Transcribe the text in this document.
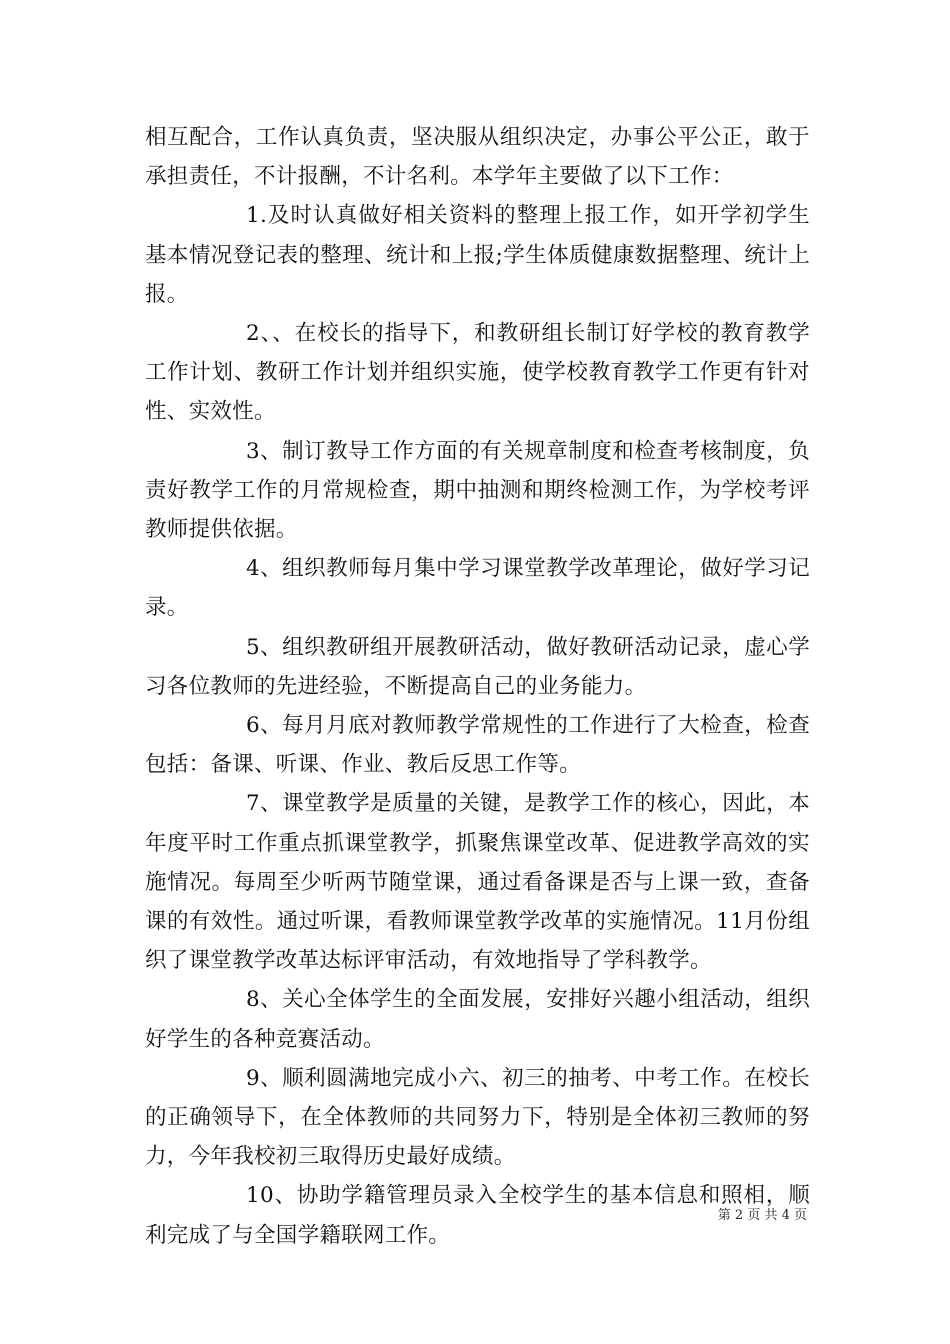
相互配合，工作认真负责，坚决服从组织决定，办事公平公正，敢于承担责任，不计报酬，不计名利。本学年主要做了以下工作：

1.及时认真做好相关资料的整理上报工作，如开学初学生基本情况登记表的整理、统计和上报;学生体质健康数据整理、统计上报。

2、、在校长的指导下，和教研组长制订好学校的教育教学工作计划、教研工作计划并组织实施，使学校教育教学工作更有针对性、实效性。

3、制订教导工作方面的有关规章制度和检查考核制度，负责好教学工作的月常规检查，期中抽测和期终检测工作，为学校考评教师提供依据。

4、组织教师每月集中学习课堂教学改革理论，做好学习记录。

5、组织教研组开展教研活动，做好教研活动记录，虚心学习各位教师的先进经验，不断提高自己的业务能力。

6、每月月底对教师教学常规性的工作进行了大检查，检查包括：备课、听课、作业、教后反思工作等。

7、课堂教学是质量的关键，是教学工作的核心，因此，本年度平时工作重点抓课堂教学，抓聚焦课堂改革、促进教学高效的实施情况。每周至少听两节随堂课，通过看备课是否与上课一致，查备课的有效性。通过听课，看教师课堂教学改革的实施情况。11月份组织了课堂教学改革达标评审活动，有效地指导了学科教学。

8、关心全体学生的全面发展，安排好兴趣小组活动，组织好学生的各种竞赛活动。

9、顺利圆满地完成小六、初三的抽考、中考工作。在校长的正确领导下，在全体教师的共同努力下，特别是全体初三教师的努力，今年我校初三取得历史最好成绩。

10、协助学籍管理员录入全校学生的基本信息和照相，顺利完成了与全国学籍联网工作。

第 2 页 共 4 页
